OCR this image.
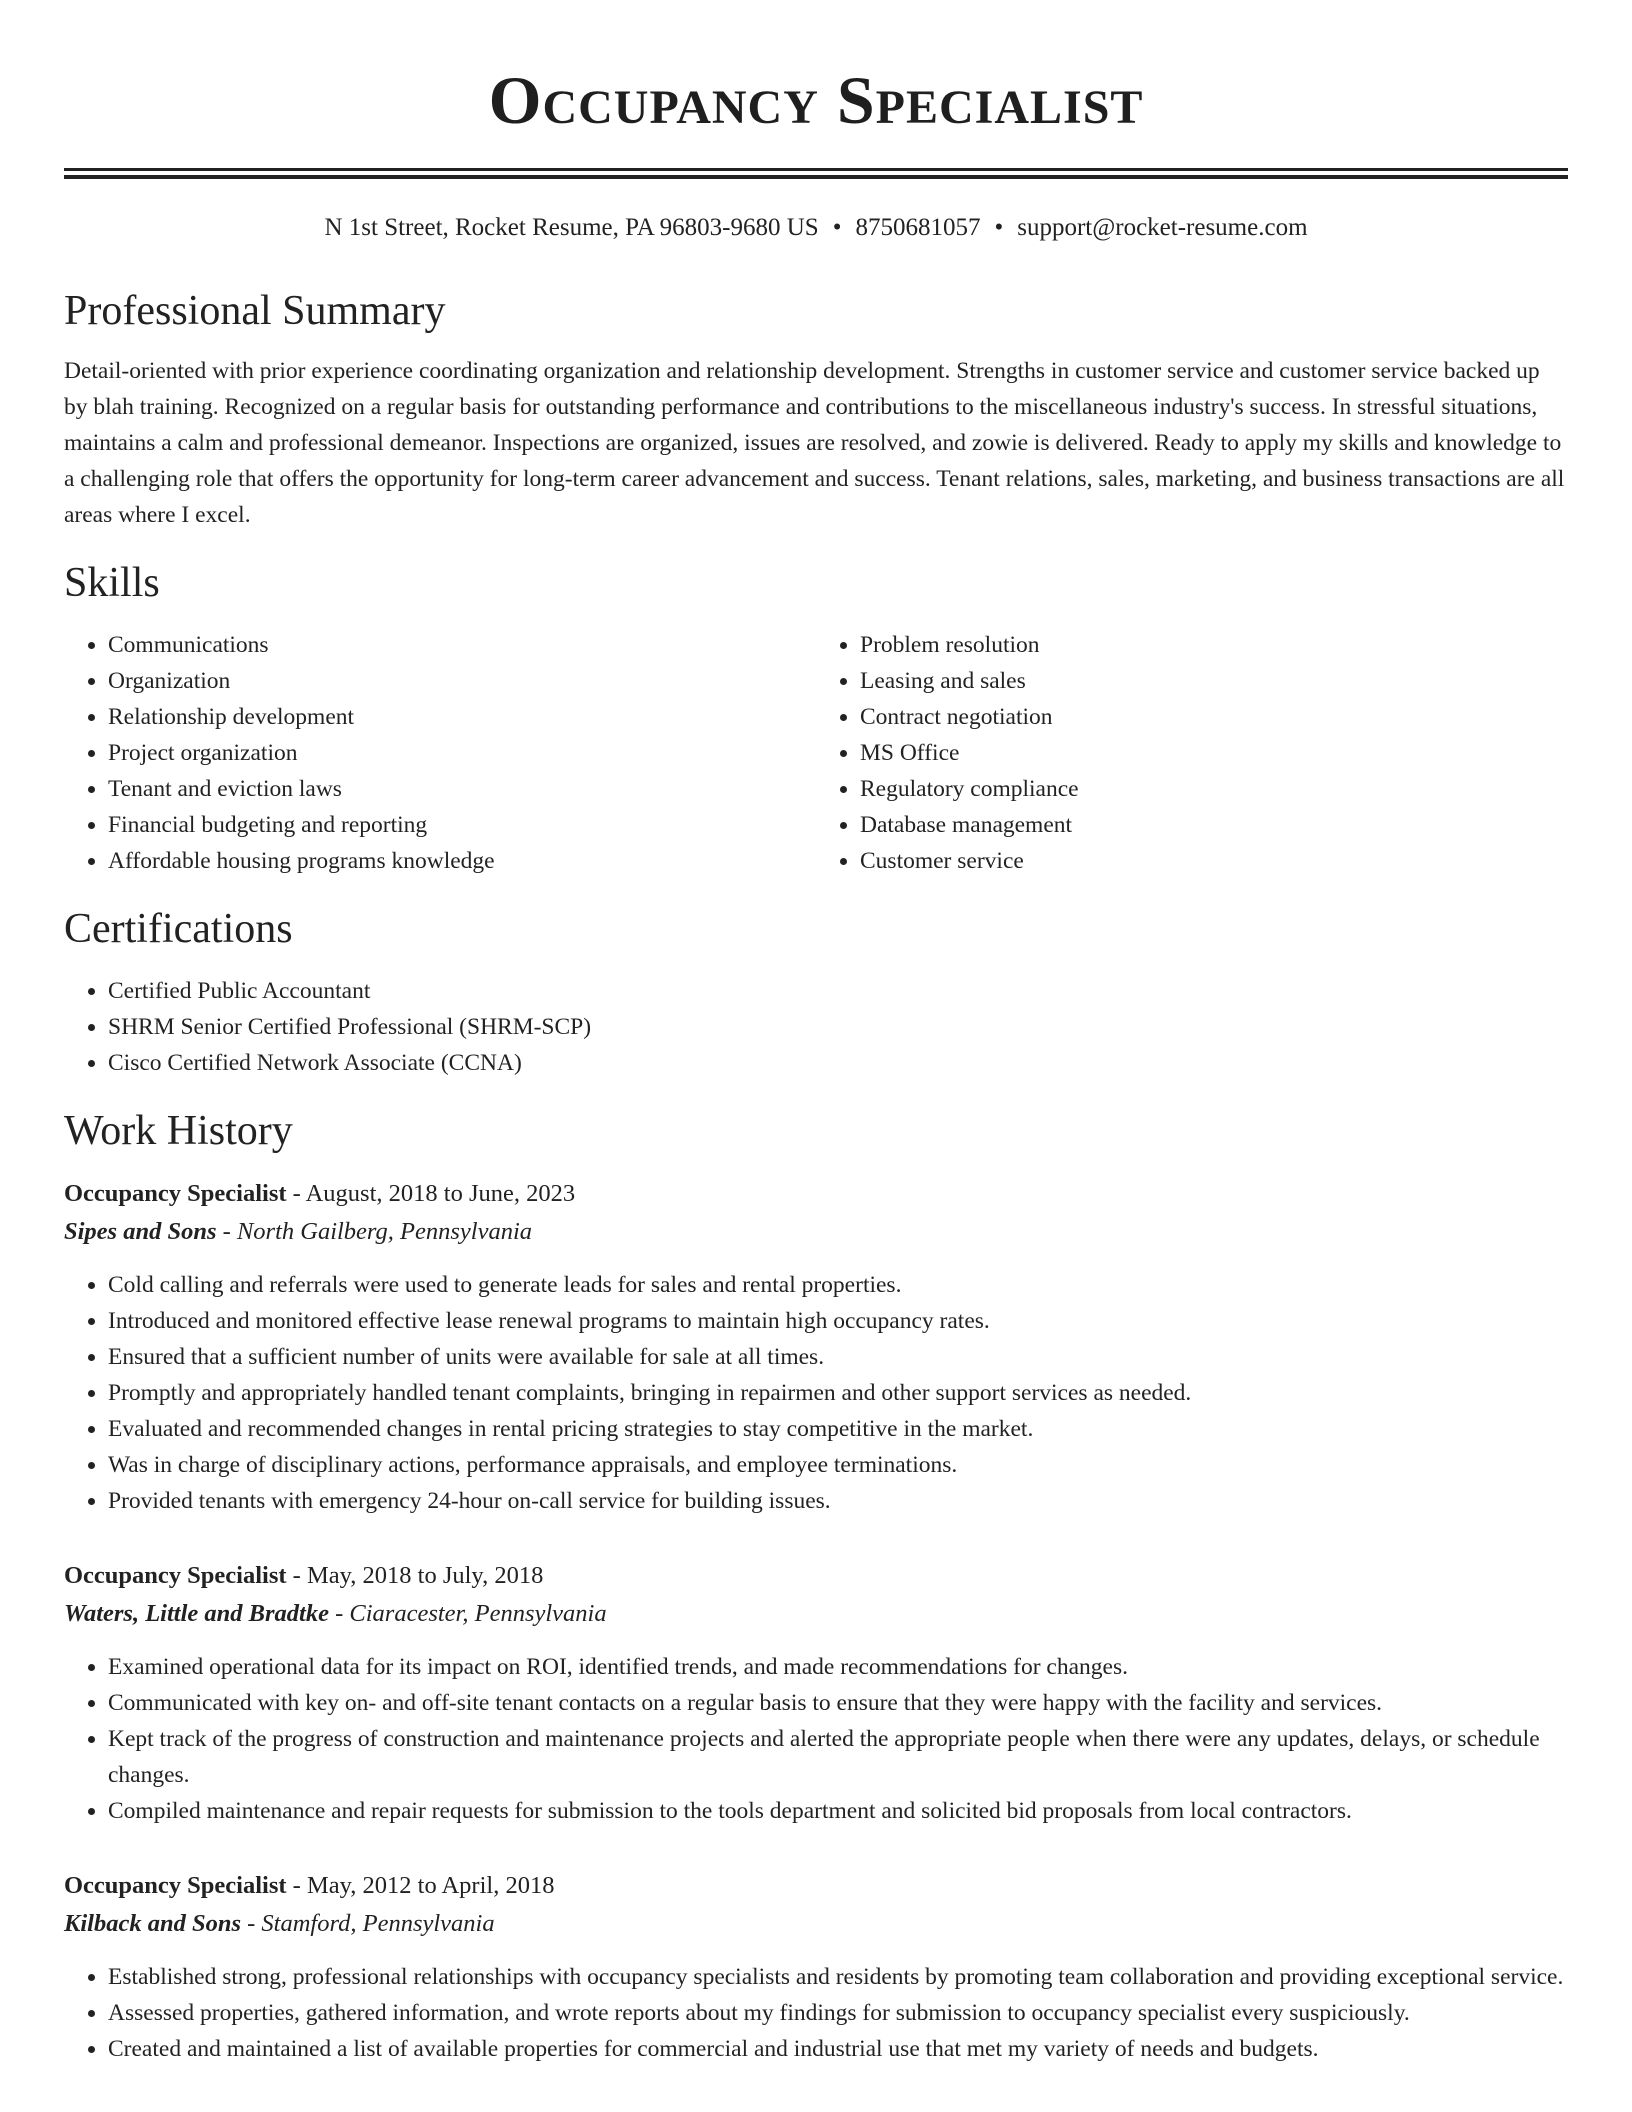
Occupancy Specialist
N 1st Street, Rocket Resume, PA 96803-9680 US • 8750681057 • support@rocket-resume.com
Professional Summary

Detail-oriented with prior experience coordinating organization and relationship development. Strengths in customer service and customer service backed up by blah training. Recognized on a regular basis for outstanding performance and contributions to the miscellaneous industry's success. In stressful situations, maintains a calm and professional demeanor. Inspections are organized, issues are resolved, and zowie is delivered. Ready to apply my skills and knowledge to a challenging role that offers the opportunity for long-term career advancement and success. Tenant relations, sales, marketing, and business transactions are all areas where I excel.

Skills
• Communications
• Organization
• Relationship development
• Project organization
• Tenant and eviction laws
• Financial budgeting and reporting
• Affordable housing programs knowledge
• Problem resolution
• Leasing and sales
• Contract negotiation
• MS Office
• Regulatory compliance
• Database management
• Customer service
Certifications
• Certified Public Accountant
• SHRM Senior Certified Professional (SHRM-SCP)
• Cisco Certified Network Associate (CCNA)
Work History
Occupancy Specialist - August, 2018 to June, 2023
Sipes and Sons - North Gailberg, Pennsylvania
• Cold calling and referrals were used to generate leads for sales and rental properties.
• Introduced and monitored effective lease renewal programs to maintain high occupancy rates.
• Ensured that a sufficient number of units were available for sale at all times.
• Promptly and appropriately handled tenant complaints, bringing in repairmen and other support services as needed.
• Evaluated and recommended changes in rental pricing strategies to stay competitive in the market.
• Was in charge of disciplinary actions, performance appraisals, and employee terminations.
• Provided tenants with emergency 24-hour on-call service for building issues.
Occupancy Specialist - May, 2018 to July, 2018
Waters, Little and Bradtke - Ciaracester, Pennsylvania
• Examined operational data for its impact on ROI, identified trends, and made recommendations for changes.
• Communicated with key on- and off-site tenant contacts on a regular basis to ensure that they were happy with the facility and services.
• Kept track of the progress of construction and maintenance projects and alerted the appropriate people when there were any updates, delays, or schedule changes.
• Compiled maintenance and repair requests for submission to the tools department and solicited bid proposals from local contractors.
Occupancy Specialist - May, 2012 to April, 2018
Kilback and Sons - Stamford, Pennsylvania
• Established strong, professional relationships with occupancy specialists and residents by promoting team collaboration and providing exceptional service.
• Assessed properties, gathered information, and wrote reports about my findings for submission to occupancy specialist every suspiciously.
• Created and maintained a list of available properties for commercial and industrial use that met my variety of needs and budgets.
